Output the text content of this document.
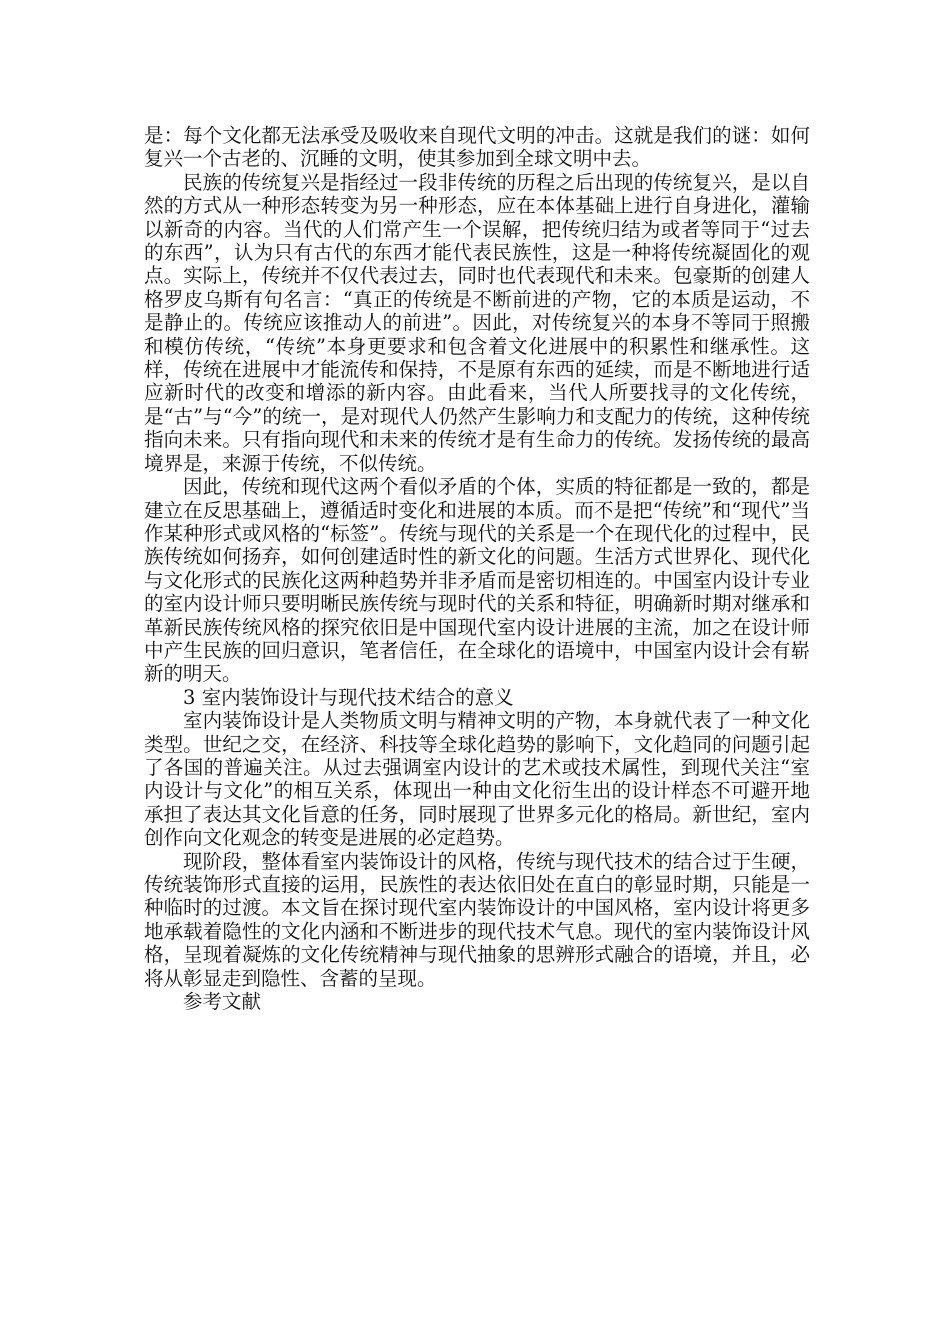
是：每个文化都无法承受及吸收来自现代文明的冲击。这就是我们的谜：如何复兴一个古老的、沉睡的文明，使其参加到全球文明中去。

民族的传统复兴是指经过一段非传统的历程之后出现的传统复兴，是以自然的方式从一种形态转变为另一种形态，应在本体基础上进行自身进化，灌输以新奇的内容。当代的人们常产生一个误解，把传统归结为或者等同于“过去的东西”，认为只有古代的东西才能代表民族性，这是一种将传统凝固化的观点。实际上，传统并不仅代表过去，同时也代表现代和未来。包豪斯的创建人格罗皮乌斯有句名言：“真正的传统是不断前进的产物，它的本质是运动，不是静止的。传统应该推动人的前进”。因此，对传统复兴的本身不等同于照搬和模仿传统，“传统”本身更要求和包含着文化进展中的积累性和继承性。这样，传统在进展中才能流传和保持，不是原有东西的延续，而是不断地进行适应新时代的改变和增添的新内容。由此看来，当代人所要找寻的文化传统，是“古”与“今”的统一，是对现代人仍然产生影响力和支配力的传统，这种传统指向未来。只有指向现代和未来的传统才是有生命力的传统。发扬传统的最高境界是，来源于传统，不似传统。

因此，传统和现代这两个看似矛盾的个体，实质的特征都是一致的，都是建立在反思基础上，遵循适时变化和进展的本质。而不是把“传统”和“现代”当作某种形式或风格的“标签”。传统与现代的关系是一个在现代化的过程中，民族传统如何扬弃，如何创建适时性的新文化的问题。生活方式世界化、现代化与文化形式的民族化这两种趋势并非矛盾而是密切相连的。中国室内设计专业的室内设计师只要明晰民族传统与现时代的关系和特征，明确新时期对继承和革新民族传统风格的探究依旧是中国现代室内设计进展的主流，加之在设计师中产生民族的回归意识，笔者信任，在全球化的语境中，中国室内设计会有崭新的明天。

3 室内装饰设计与现代技术结合的意义

室内装饰设计是人类物质文明与精神文明的产物，本身就代表了一种文化类型。世纪之交，在经济、科技等全球化趋势的影响下，文化趋同的问题引起了各国的普遍关注。从过去强调室内设计的艺术或技术属性，到现代关注“室内设计与文化”的相互关系，体现出一种由文化衍生出的设计样态不可避开地承担了表达其文化旨意的任务，同时展现了世界多元化的格局。新世纪，室内创作向文化观念的转变是进展的必定趋势。

现阶段，整体看室内装饰设计的风格，传统与现代技术的结合过于生硬，传统装饰形式直接的运用，民族性的表达依旧处在直白的彰显时期，只能是一种临时的过渡。本文旨在探讨现代室内装饰设计的中国风格，室内设计将更多地承载着隐性的文化内涵和不断进步的现代技术气息。现代的室内装饰设计风格，呈现着凝炼的文化传统精神与现代抽象的思辨形式融合的语境，并且，必将从彰显走到隐性、含蓄的呈现。

参考文献
